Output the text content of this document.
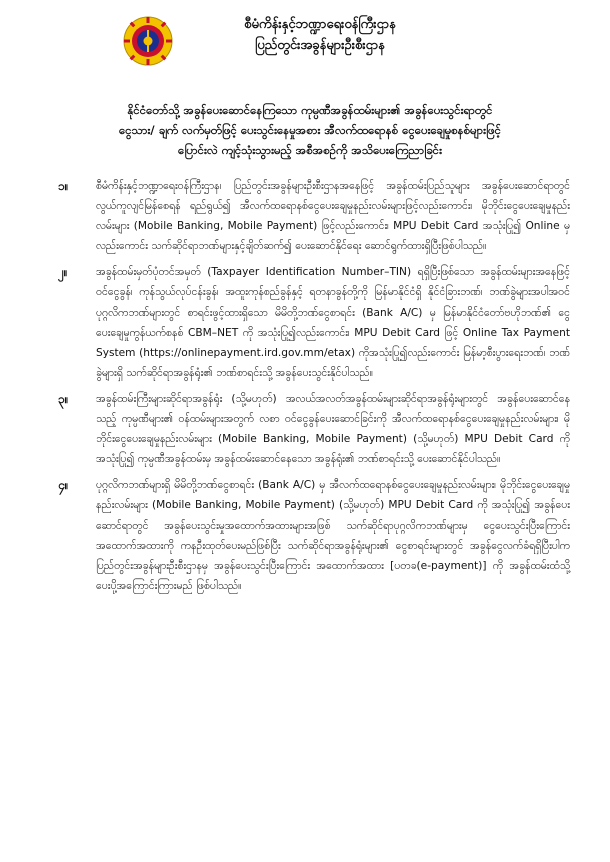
စီမံကိန်းနှင့်ဘဏ္ဍာရေးဝန်ကြီးဌာန
ပြည်တွင်းအခွန်များဦးစီးဌာန
နိုင်ငံတော်သို့ အခွန်ပေးဆောင်နေကြသော ကုမ္ပဏီအခွန်ထမ်းများ၏ အခွန်ပေးသွင်းရာတွင်
ငွေသား/ ချက် လက်မှတ်ဖြင့် ပေးသွင်းနေမှုအစား အီလက်ထရောနစ် ငွေပေးချေမှုစနစ်များဖြင့်
ပြောင်းလဲ ကျင့်သုံးသွားမည့် အစီအစဉ်ကို အသိပေးကြေညာခြင်း
၁။	စီမံကိန်းနှင့်ဘဏ္ဍာရေးဝန်ကြီးဌာန၊ ပြည်တွင်းအခွန်များဦးစီးဌာနအနေဖြင့် အခွန်ထမ်းပြည်သူများ အခွန်ပေးဆောင်ရာတွင် လွယ်ကူလျင်မြန်စေရန် ရည်ရွယ်၍ အီလက်ထရောနစ်ငွေပေးချေမှုနည်းလမ်းများဖြင့်လည်းကောင်း၊ မိုဘိုင်းငွေပေးချေမှုနည်းလမ်းများ (Mobile Banking, Mobile Payment) ဖြင့်လည်းကောင်း၊ MPU Debit Card အသုံးပြု၍ Online မှလည်းကောင်း သက်ဆိုင်ရာဘဏ်များနှင့်ချိတ်ဆက်၍ ပေးဆောင်နိုင်ရေး ဆောင်ရွက်ထားရှိပြီးဖြစ်ပါသည်။
၂။	အခွန်ထမ်းမှတ်ပုံတင်အမှတ် (Taxpayer Identification Number–TIN) ရရှိပြီးဖြစ်သော အခွန်ထမ်းများအနေဖြင့် ဝင်ငွေခွန်၊ ကုန်သွယ်လုပ်ငန်းခွန်၊ အထူးကုန်စည်ခွန်နှင့် ရတနာခွန်တို့ကို မြန်မာနိုင်ငံရှိ နိုင်ငံခြားဘဏ်၊ ဘဏ်ခွဲများအပါအဝင် ပုဂ္ဂလိကဘဏ်များတွင် စာရင်းဖွင့်ထားရှိသော မိမိတို့ဘဏ်ငွေစာရင်း (Bank A/C) မှ မြန်မာနိုင်ငံတော်ဗဟိုဘဏ်၏ ငွေပေးချေမှုကွန်ယက်စနစ် CBM–NET ကို အသုံးပြု၍လည်းကောင်း၊ MPU Debit Card ဖြင့် Online Tax Payment System (https://onlinepayment.ird.gov.mm/etax) ကိုအသုံးပြု၍လည်းကောင်း မြန်မာ့စီးပွားရေးဘဏ်၊ ဘဏ်ခွဲများရှိ သက်ဆိုင်ရာအခွန်ရုံး၏ ဘဏ်စာရင်းသို့ အခွန်ပေးသွင်းနိုင်ပါသည်။
၃။	အခွန်ထမ်းကြီးများဆိုင်ရာအခွန်ရုံး (သို့မဟုတ်) အလယ်အလတ်အခွန်ထမ်းများဆိုင်ရာအခွန်ရုံးများတွင် အခွန်ပေးဆောင်နေသည့် ကုမ္ပဏီများ၏ ဝန်ထမ်းများအတွက် လစာ ဝင်ငွေခွန်ပေးဆောင်ခြင်းကို အီလက်ထရောနစ်ငွေပေးချေမှုနည်းလမ်းများ၊ မိုဘိုင်းငွေပေးချေမှုနည်းလမ်းများ (Mobile Banking, Mobile Payment) (သို့မဟုတ်) MPU Debit Card ကို အသုံးပြု၍ ကုမ္ပဏီအခွန်ထမ်းမှ အခွန်ထမ်းဆောင်နေသော အခွန်ရုံး၏ ဘဏ်စာရင်းသို့ ပေးဆောင်နိုင်ပါသည်။
၄။	ပုဂ္ဂလိကဘဏ်များရှိ မိမိတို့ဘဏ်ငွေစာရင်း (Bank A/C) မှ အီလက်ထရောနစ်ငွေပေးချေမှုနည်းလမ်းများ၊ မိုဘိုင်းငွေပေးချေမှုနည်းလမ်းများ (Mobile Banking, Mobile Payment) (သို့မဟုတ်) MPU Debit Card ကို အသုံးပြု၍ အခွန်ပေးဆောင်ရာတွင် အခွန်ပေးသွင်းမှုအထောက်အထားများအဖြစ် သက်ဆိုင်ရာပုဂ္ဂလိကဘဏ်များမှ ငွေပေးသွင်းပြီးကြောင်း အထောက်အထားကို ကနဦးထုတ်ပေးမည်ဖြစ်ပြီး သက်ဆိုင်ရာအခွန်ရုံးများ၏ ငွေစာရင်းများတွင် အခွန်ငွေလက်ခံရရှိပြီးပါက ပြည်တွင်းအခွန်များဦးစီးဌာနမှ အခွန်ပေးသွင်းပြီးကြောင်း အထောက်အထား [ပတခ(e-payment)] ကို အခွန်ထမ်းထံသို့ ပေးပို့အကြောင်းကြားမည် ဖြစ်ပါသည်။
